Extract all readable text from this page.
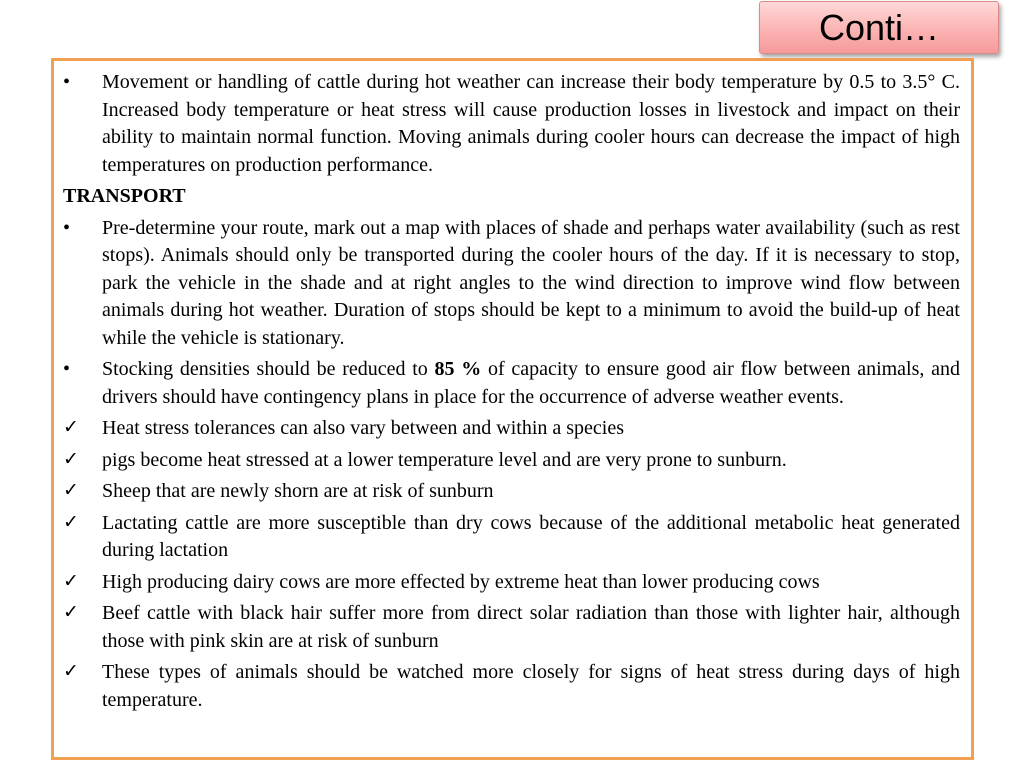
Conti…
•	Movement or handling of cattle during hot weather can increase their body temperature by 0.5 to 3.5° C. Increased body temperature or heat stress will cause production losses in livestock and impact on their ability to maintain normal function. Moving animals during cooler hours can decrease the impact of high temperatures on production performance.
TRANSPORT
•	Pre-determine your route, mark out a map with places of shade and perhaps water availability (such as rest stops). Animals should only be transported during the cooler hours of the day. If it is necessary to stop, park the vehicle in the shade and at right angles to the wind direction to improve wind flow between animals during hot weather. Duration of stops should be kept to a minimum to avoid the build-up of heat while the vehicle is stationary.
•	Stocking densities should be reduced to 85 % of capacity to ensure good air flow between animals, and drivers should have contingency plans in place for the occurrence of adverse weather events.
✓ Heat stress tolerances can also vary between and within a species
✓ pigs become heat stressed at a lower temperature level and are very prone to sunburn.
✓ Sheep that are newly shorn are at risk of sunburn
✓ Lactating cattle are more susceptible than dry cows because of the additional metabolic heat generated during lactation
✓ High producing dairy cows are more effected by extreme heat than lower producing cows
✓ Beef cattle with black hair suffer more from direct solar radiation than those with lighter hair, although those with pink skin are at risk of sunburn
✓ These types of animals should be watched more closely for signs of heat stress during days of high temperature.
